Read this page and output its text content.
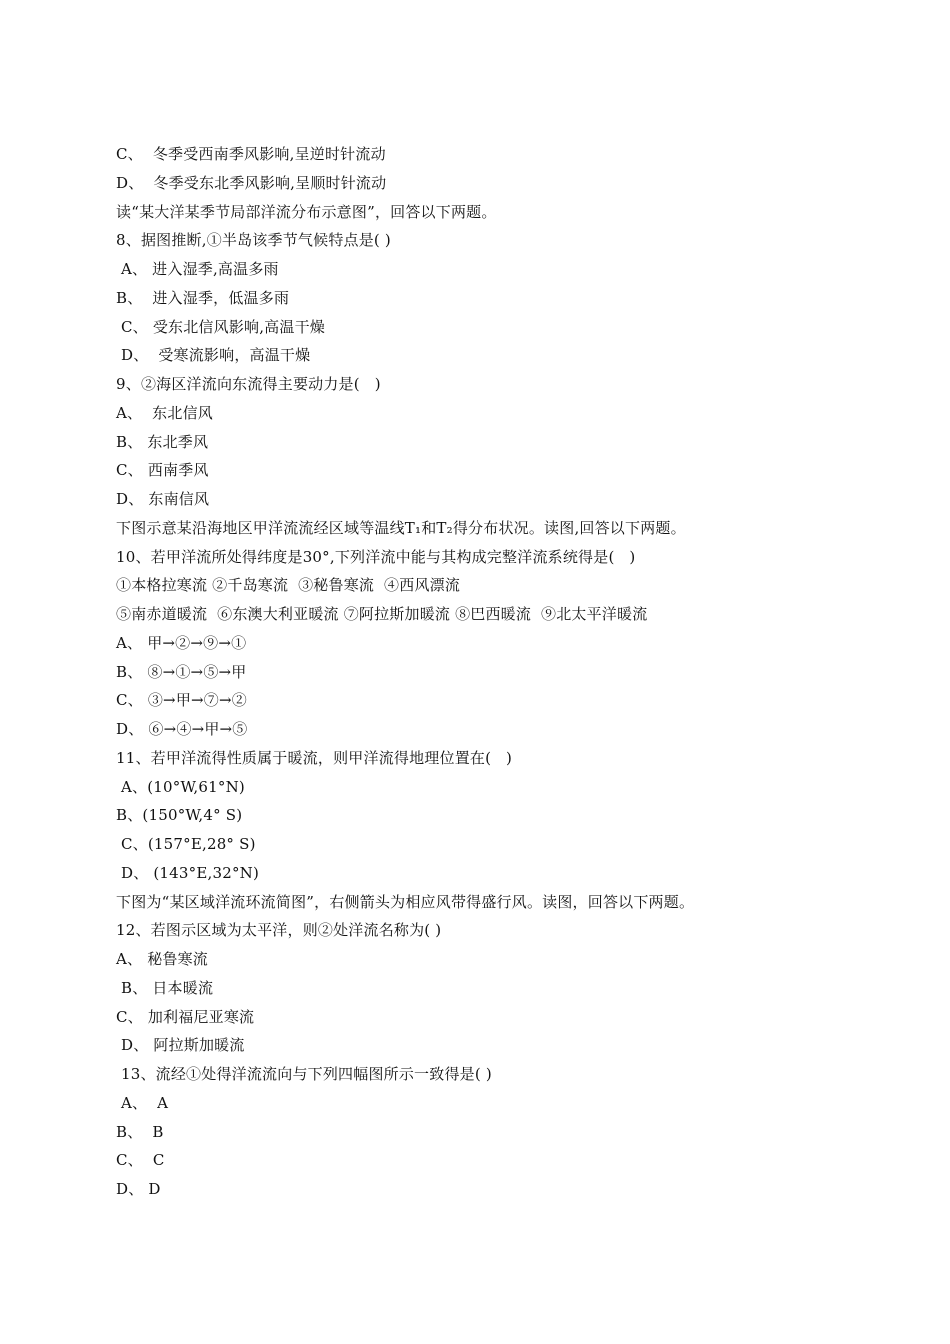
C、  冬季受西南季风影响,呈逆时针流动
D、  冬季受东北季风影响,呈顺时针流动
读“某大洋某季节局部洋流分布示意图”，回答以下两题。
8、据图推断,①半岛该季节气候特点是( )
A、 进入湿季,高温多雨
B、  进入湿季，低温多雨
C、 受东北信风影响,高温干燥
D、  受寒流影响，高温干燥
9、②海区洋流向东流得主要动力是(   )
A、  东北信风
B、 东北季风
C、 西南季风
D、 东南信风
下图示意某沿海地区甲洋流流经区域等温线T₁和T₂得分布状况。读图,回答以下两题。
10、若甲洋流所处得纬度是30°,下列洋流中能与其构成完整洋流系统得是(   )
①本格拉寒流 ②千岛寒流  ③秘鲁寒流  ④西风漂流
⑤南赤道暖流  ⑥东澳大利亚暖流 ⑦阿拉斯加暖流 ⑧巴西暖流  ⑨北太平洋暖流
A、 甲→②→⑨→①
B、 ⑧→①→⑤→甲
C、 ③→甲→⑦→②
D、 ⑥→④→甲→⑤
11、若甲洋流得性质属于暖流，则甲洋流得地理位置在(   )
A、(10°W,61°N)
B、(150°W,4° S)
C、(157°E,28° S)
D、 (143°E,32°N)
下图为“某区域洋流环流简图”，右侧箭头为相应风带得盛行风。读图，回答以下两题。
12、若图示区域为太平洋，则②处洋流名称为( )
A、 秘鲁寒流
B、 日本暖流
C、 加利福尼亚寒流
D、 阿拉斯加暖流
13、流经①处得洋流流向与下列四幅图所示一致得是( )
A、  A
B、  B
C、  C
D、 D
